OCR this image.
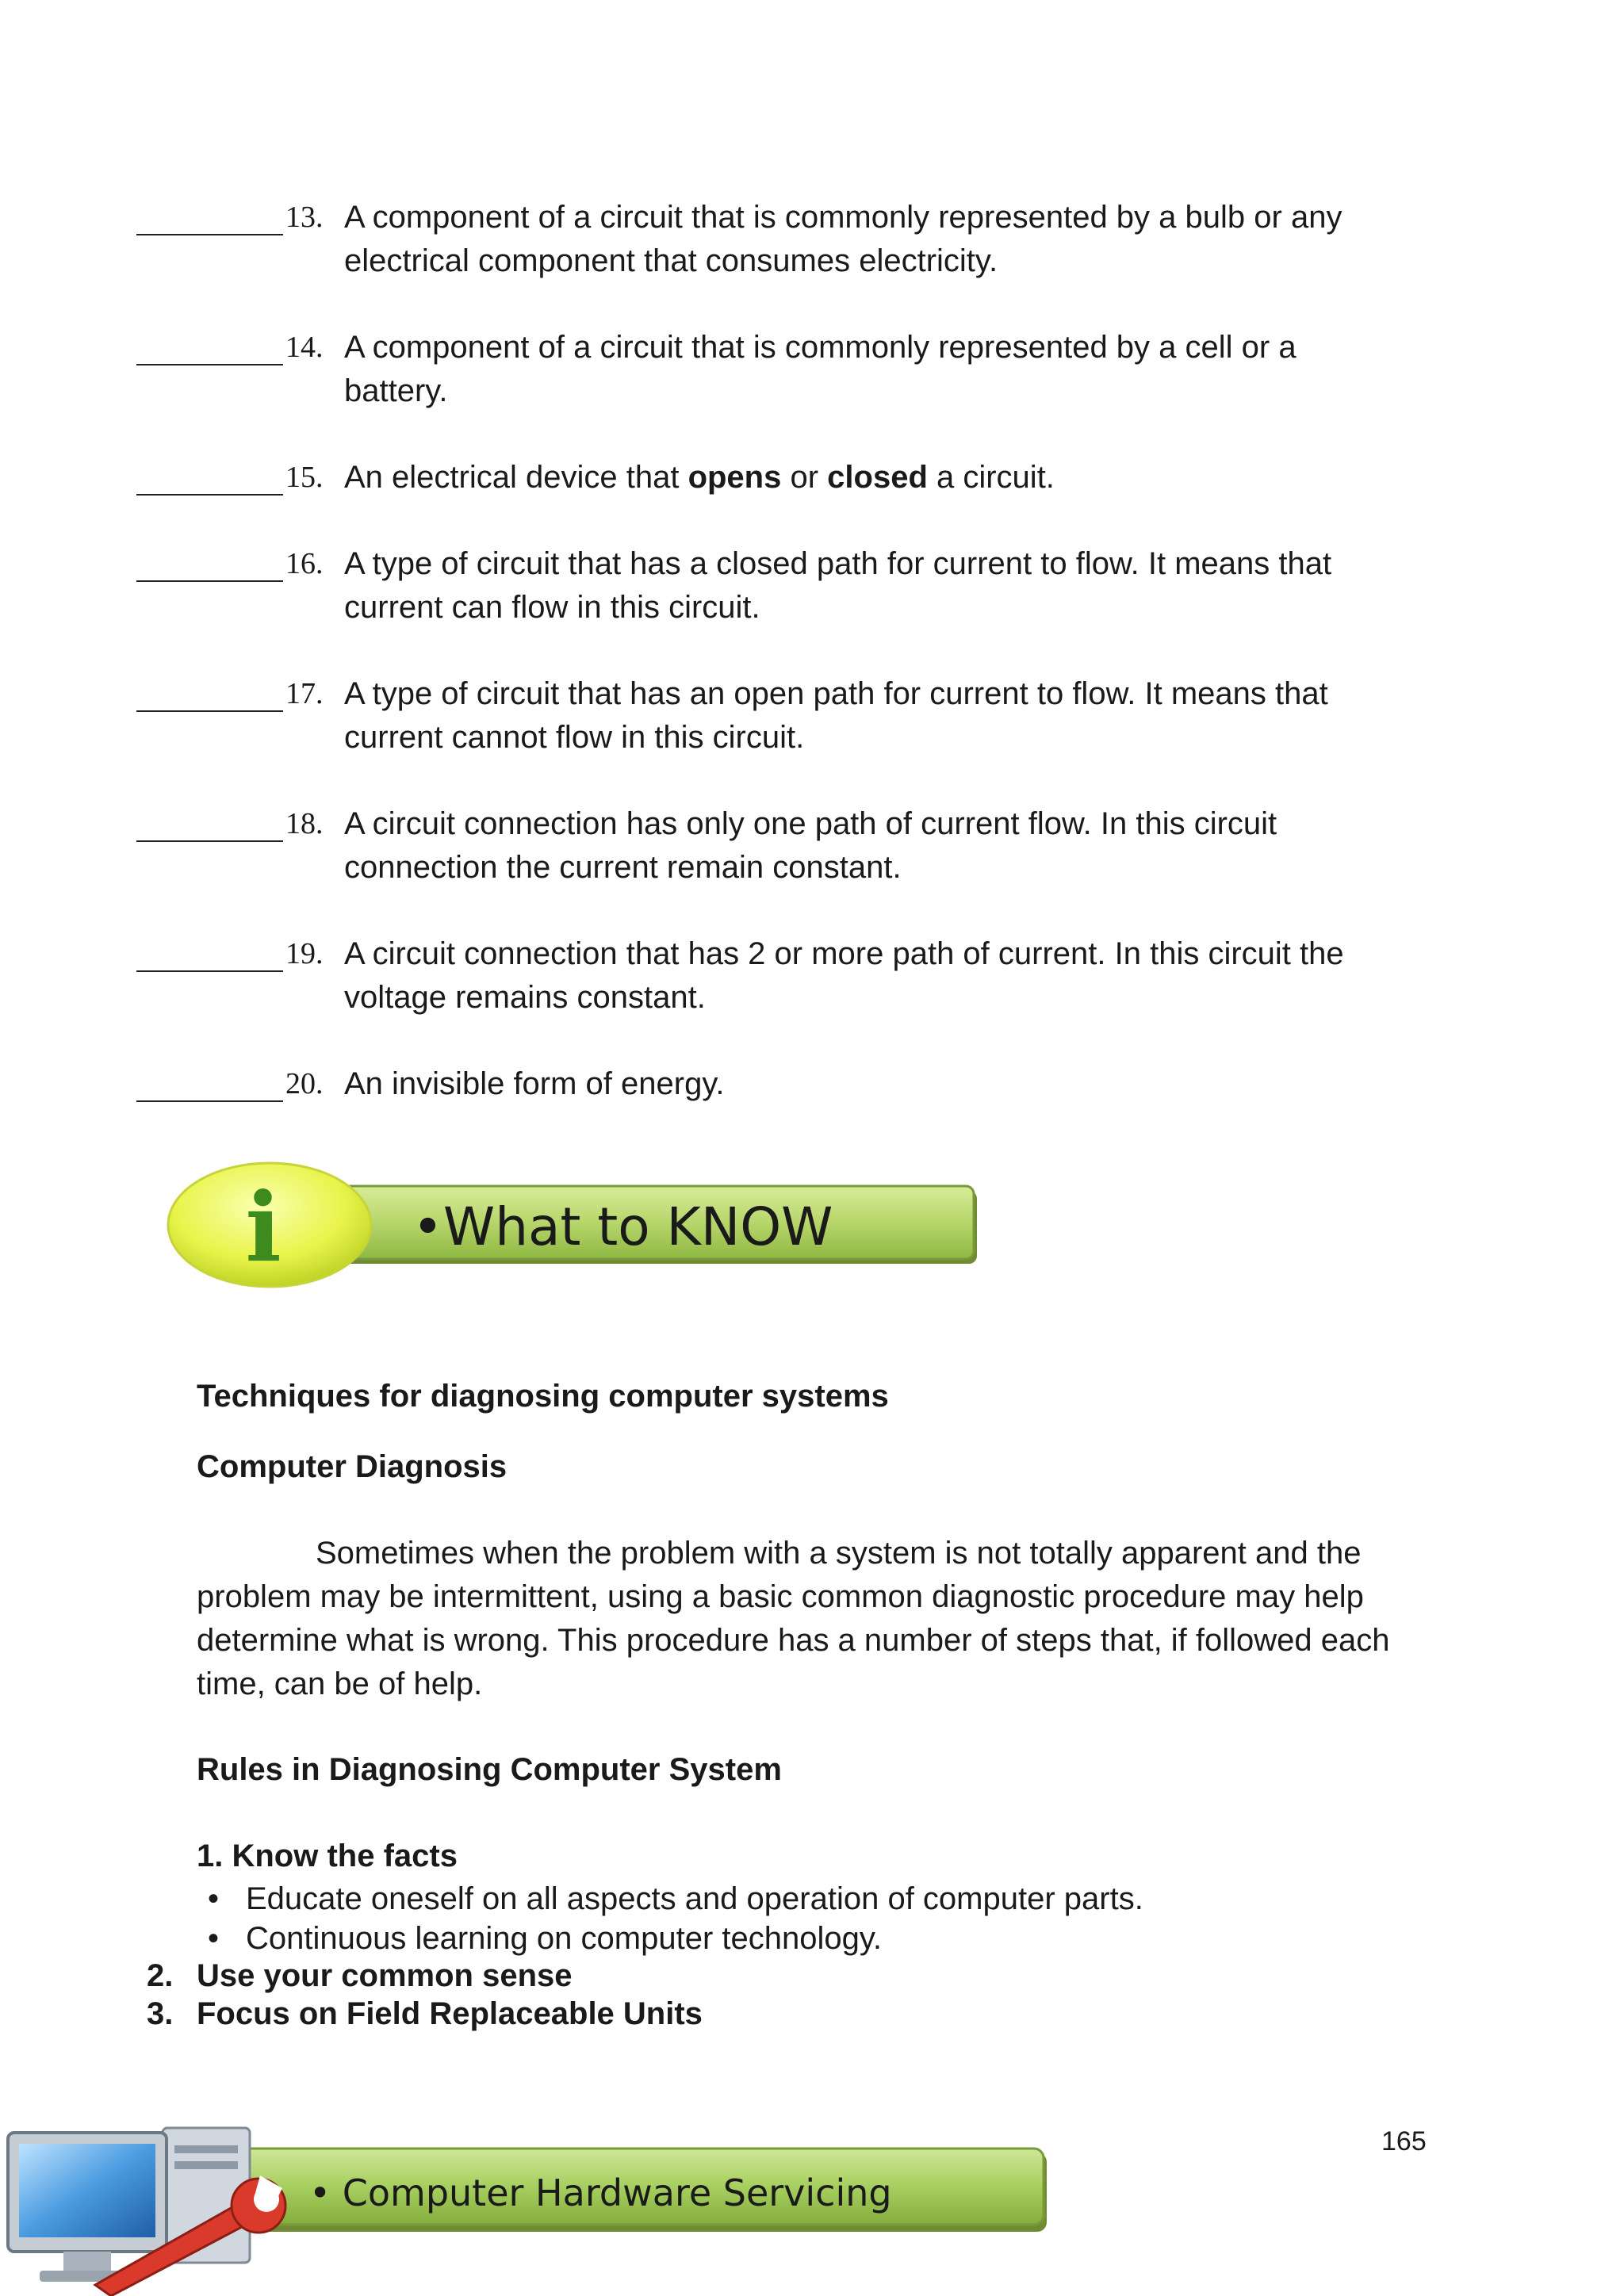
13. A component of a circuit that is commonly represented by a bulb or any electrical component that consumes electricity.
14. A component of a circuit that is commonly represented by a cell or a battery.
15. An electrical device that opens or closed a circuit.
16. A type of circuit that has a closed path for current to flow. It means that current can flow in this circuit.
17. A type of circuit that has an open path for current to flow. It means that current cannot flow in this circuit.
18. A circuit connection has only one path of current flow. In this circuit connection the current remain constant.
19. A circuit connection that has 2 or more path of current. In this circuit the voltage remains constant.
20. An invisible form of energy.
i	•What to KNOW
Techniques for diagnosing computer systems
Computer Diagnosis
Sometimes when the problem with a system is not totally apparent and the problem may be intermittent, using a basic common diagnostic procedure may help determine what is wrong. This procedure has a number of steps that, if followed each time, can be of help.
Rules in Diagnosing Computer System
1. Know the facts
• Educate oneself on all aspects and operation of computer parts.
• Continuous learning on computer technology.
2. Use your common sense
3. Focus on Field Replaceable Units
165
• Computer Hardware Servicing
